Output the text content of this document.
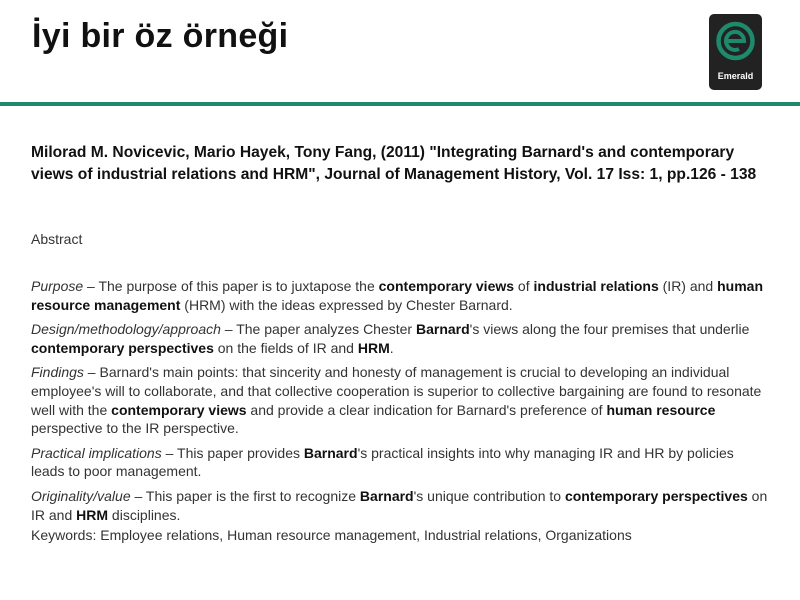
İyi bir öz örneği
Emerald
Milorad M. Novicevic, Mario Hayek, Tony Fang, (2011) "Integrating Barnard's and contemporary views of industrial relations and HRM", Journal of Management History, Vol. 17 Iss: 1, pp.126 - 138
Abstract

Purpose – The purpose of this paper is to juxtapose the contemporary views of industrial relations (IR) and human resource management (HRM) with the ideas expressed by Chester Barnard.

Design/methodology/approach – The paper analyzes Chester Barnard's views along the four premises that underlie contemporary perspectives on the fields of IR and HRM.

Findings – Barnard's main points: that sincerity and honesty of management is crucial to developing an individual employee's will to collaborate, and that collective cooperation is superior to collective bargaining are found to resonate well with the contemporary views and provide a clear indication for Barnard's preference of human resource perspective to the IR perspective.

Practical implications – This paper provides Barnard's practical insights into why managing IR and HR by policies leads to poor management.

Originality/value – This paper is the first to recognize Barnard's unique contribution to contemporary perspectives on IR and HRM disciplines.

Keywords: Employee relations, Human resource management, Industrial relations, Organizations
